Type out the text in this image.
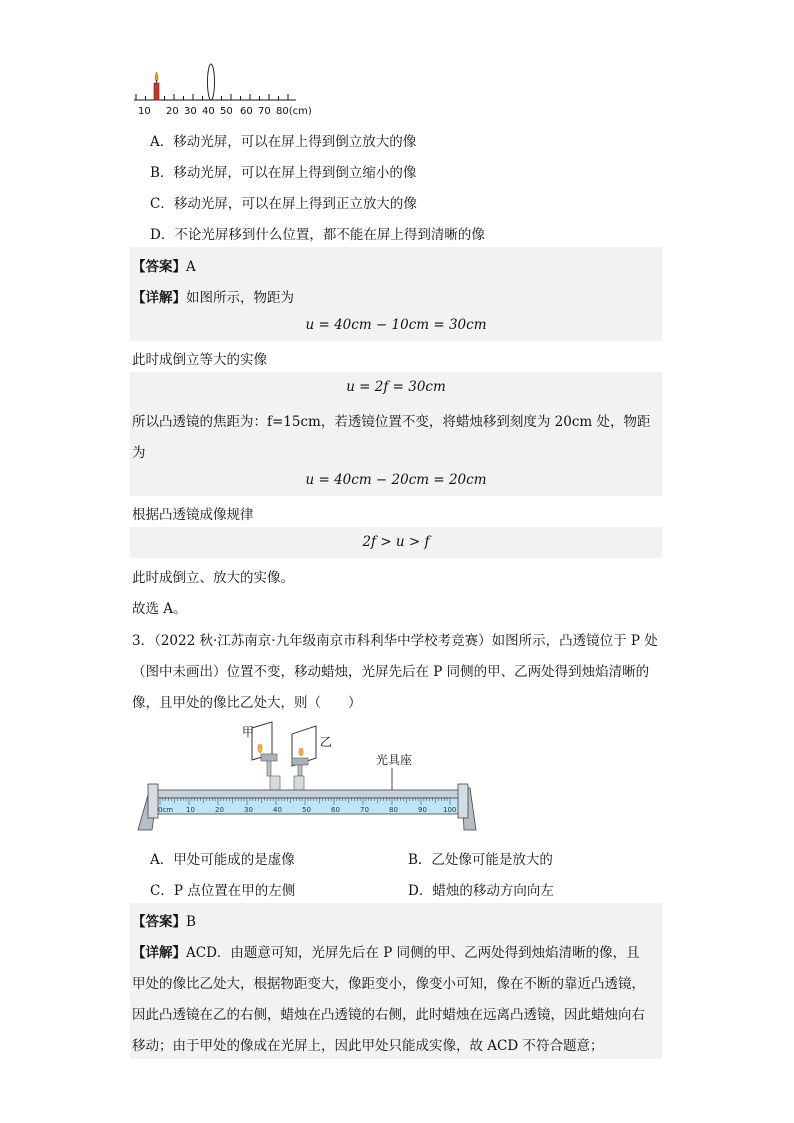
10 20 30 40 50 60 70 80(cm)
A．移动光屏，可以在屏上得到倒立放大的像
B．移动光屏，可以在屏上得到倒立缩小的像
C．移动光屏，可以在屏上得到正立放大的像
D．不论光屏移到什么位置，都不能在屏上得到清晰的像
【答案】A
【详解】如图所示，物距为
u = 40cm − 10cm = 30cm
此时成倒立等大的实像
u = 2f = 30cm
所以凸透镜的焦距为：f=15cm，若透镜位置不变，将蜡烛移到刻度为 20cm 处，物距
为
u = 40cm − 20cm = 20cm
根据凸透镜成像规律
2f > u > f
此时成倒立、放大的实像。
故选 A。
3．（2022 秋·江苏南京·九年级南京市科利华中学校考竞赛）如图所示，凸透镜位于 P 处
（图中未画出）位置不变，移动蜡烛，光屏先后在 P 同侧的甲、乙两处得到烛焰清晰的
像，且甲处的像比乙处大，则（　　）
甲
乙
光具座
0cm 10	20	30	40	50	60	70	80	90 100
A．甲处可能成的是虚像	B．乙处像可能是放大的
C．P 点位置在甲的左侧	D．蜡烛的移动方向向左
【答案】B
【详解】ACD．由题意可知，光屏先后在 P 同侧的甲、乙两处得到烛焰清晰的像，且
甲处的像比乙处大，根据物距变大，像距变小，像变小可知，像在不断的靠近凸透镜，
因此凸透镜在乙的右侧，蜡烛在凸透镜的右侧，此时蜡烛在远离凸透镜，因此蜡烛向右
移动；由于甲处的像成在光屏上，因此甲处只能成实像，故 ACD 不符合题意；
